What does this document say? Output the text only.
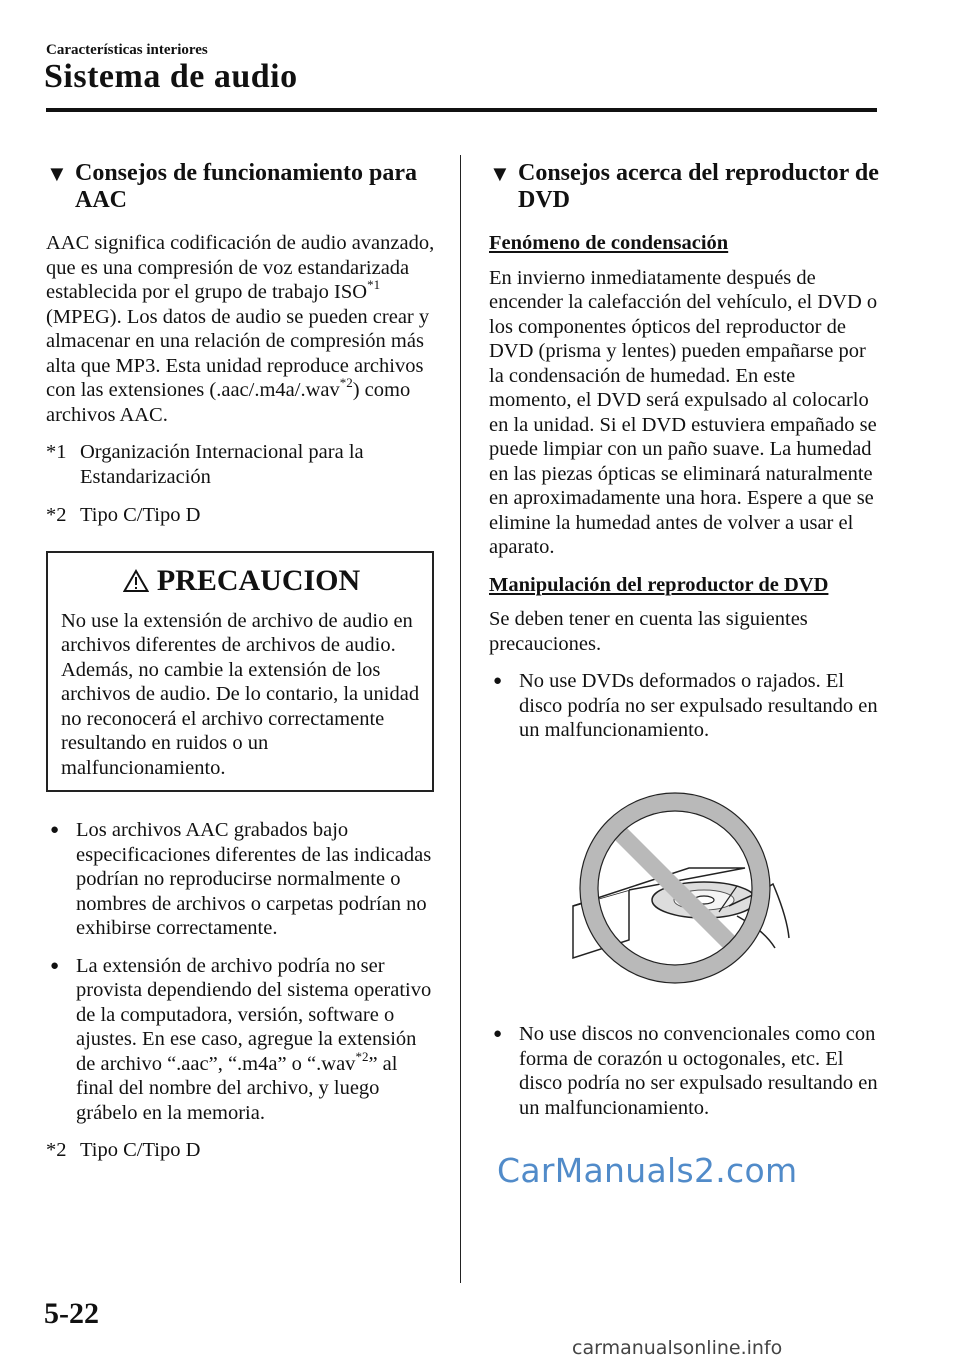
Características interiores
Sistema de audio
▼ Consejos de funcionamiento para AAC

AAC significa codificación de audio avanzado, que es una compresión de voz estandarizada establecida por el grupo de trabajo ISO$^{*1}$ (MPEG). Los datos de audio se pueden crear y almacenar en una relación de compresión más alta que MP3. Esta unidad reproduce archivos con las extensiones (.aac/.m4a/.wav$^{*2}$) como archivos AAC.

*1 Organización Internacional para la Estandarización
*2 Tipo C/Tipo D
PRECAUCION
No use la extensión de archivo de audio en archivos diferentes de archivos de audio. Además, no cambie la extensión de los archivos de audio. De lo contario, la unidad no reconocerá el archivo correctamente resultando en ruidos o un malfuncionamiento.
● Los archivos AAC grabados bajo especificaciones diferentes de las indicadas podrían no reproducirse normalmente o nombres de archivos o carpetas podrían no exhibirse correctamente.
● La extensión de archivo podría no ser provista dependiendo del sistema operativo de la computadora, versión, software o ajustes. En ese caso, agregue la extensión de archivo “.aac”, “.m4a” o “.wav$^{*2}$” al final del nombre del archivo, y luego grábelo en la memoria.
*2 Tipo C/Tipo D
▼ Consejos acerca del reproductor de DVD
Fenómeno de condensación

En invierno inmediatamente después de encender la calefacción del vehículo, el DVD o los componentes ópticos del reproductor de DVD (prisma y lentes) pueden empañarse por la condensación de humedad. En este momento, el DVD será expulsado al colocarlo en la unidad. Si el DVD estuviera empañado se puede limpiar con un paño suave. La humedad en las piezas ópticas se eliminará naturalmente en aproximadamente una hora. Espere a que se elimine la humedad antes de volver a usar el aparato.

Manipulación del reproductor de DVD

Se deben tener en cuenta las siguientes precauciones.

● No use DVDs deformados o rajados. El disco podría no ser expulsado resultando en un malfuncionamiento.
● No use discos no convencionales como con forma de corazón u octogonales, etc. El disco podría no ser expulsado resultando en un malfuncionamiento.
CarManuals2.com
5-22
carmanualsonline.info
